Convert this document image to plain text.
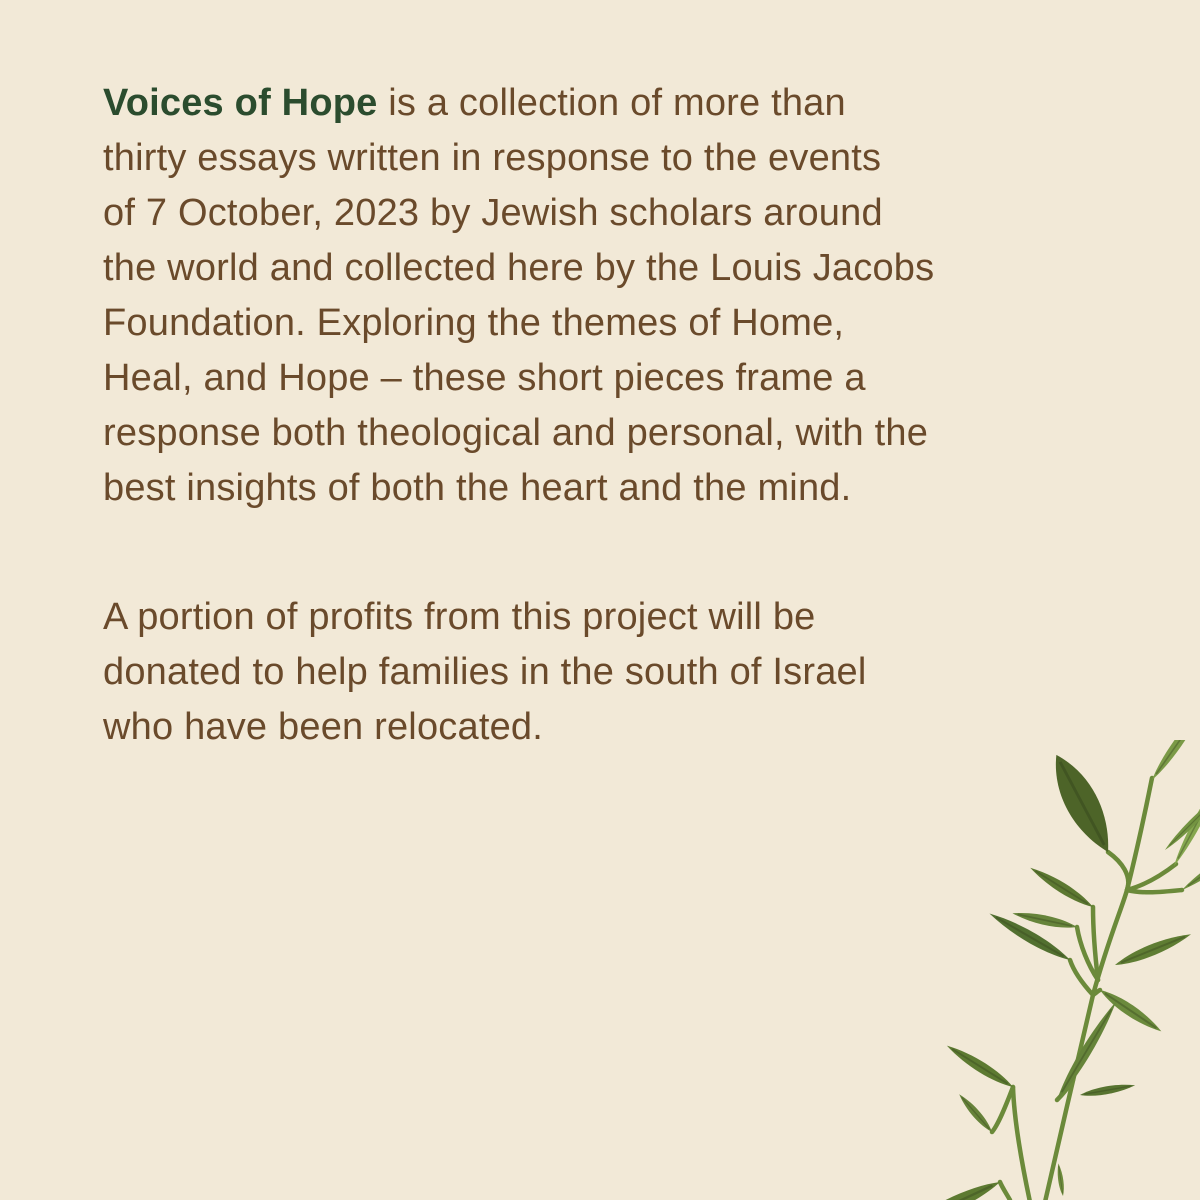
Voices of Hope is a collection of more than
thirty essays written in response to the events
of 7 October, 2023 by Jewish scholars around
the world and collected here by the Louis Jacobs
Foundation. Exploring the themes of Home,
Heal, and Hope – these short pieces frame a
response both theological and personal, with the
best insights of both the heart and the mind.

A portion of profits from this project will be
donated to help families in the south of Israel
who have been relocated.
